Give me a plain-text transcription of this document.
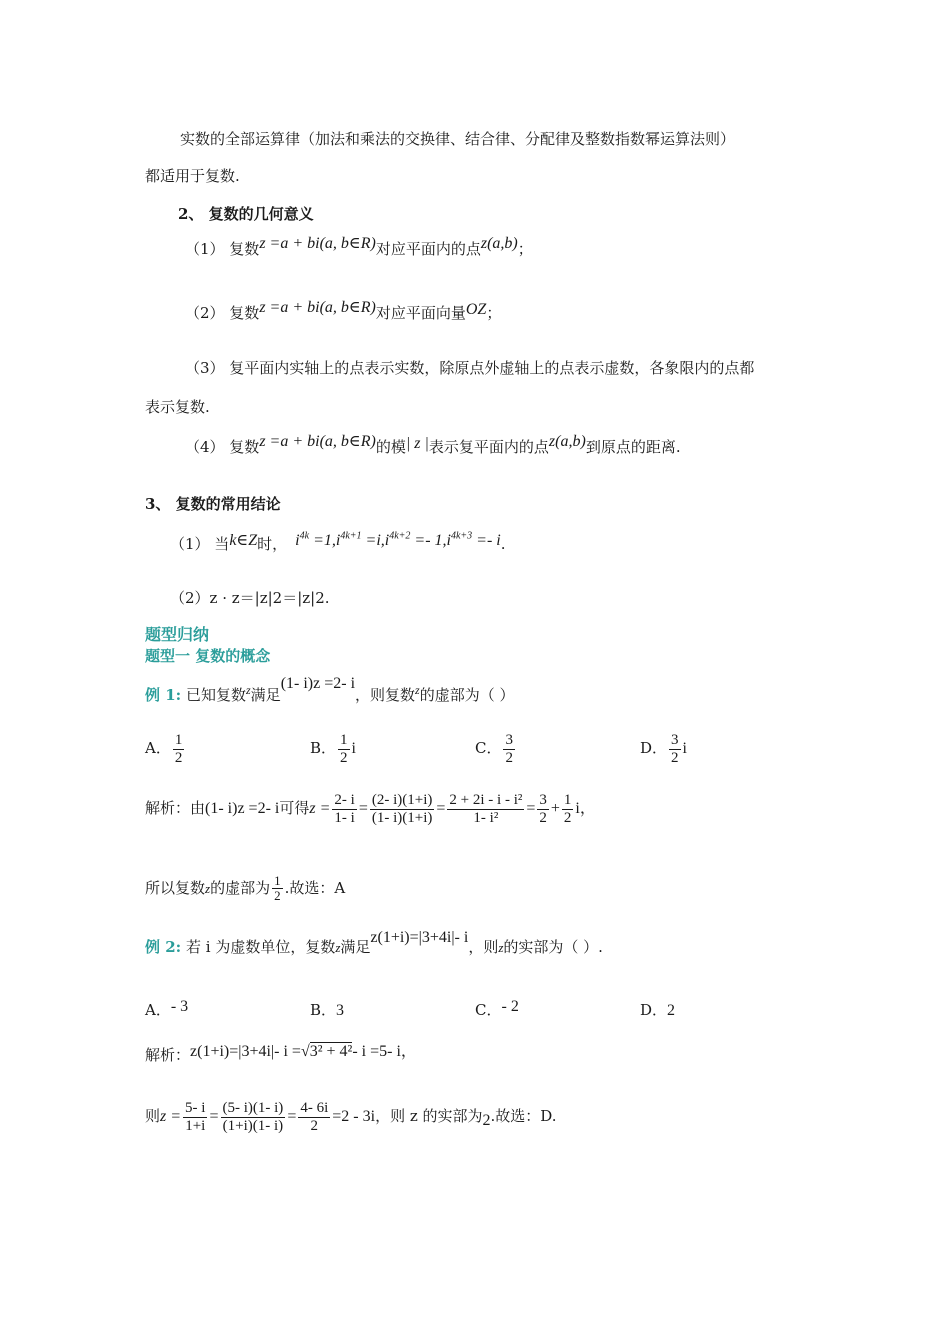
实数的全部运算律（加法和乘法的交换律、结合律、分配律及整数指数幂运算法则）
都适用于复数.
2、 复数的几何意义
（1） 复数z =a + bi(a, b∈R)对应平面内的点z(a,b)；
（2） 复数z =a + bi(a, b∈R)对应平面向量OZ；
（3） 复平面内实轴上的点表示实数，除原点外虚轴上的点表示虚数，各象限内的点都
表示复数.
（4） 复数z =a + bi(a, b∈R)的模| z |表示复平面内的点z(a,b)到原点的距离.
3、 复数的常用结论
（1） 当k∈Z时， $i^{4k} =1,i^{4k+1} =i,i^{4k+2} =- 1,i^{4k+3} =- i$.
（2）z · z＝|z|2＝|z|2.
题型归纳
题型一 复数的概念
例 1: 已知复数$^z$满足(1- i)z =2- i，则复数$^z$的虚部为（ ）
A． $\frac{1}{2}$	B． $\frac{1}{2}$ i	C． $\frac{3}{2}$	D． $\frac{3}{2}$ i
解析：由(1- i)z =2- i可得$z = \frac{2- i}{1- i} = \frac{(2- i)(1+i)}{(1- i)(1+i)} = \frac{\text{2 + 2i - i - i²}}{\text{1- i²}} = \frac{3}{2} + \frac{1}{2}$ i，
所以复数z的虚部为 $\frac{1}{2}$ .故选：A
例 2: 若 i 为虚数单位，复数z满足z(1+i)=|3+4i|- i，则z的实部为（ ）.
A．- 3	B．3	C．- 2	D．2
解析：z(1+i)=|3+4i|- i =√3² + 4²- i =5- i，
则$z = \frac{5- i}{1+i} = \frac{(5- i)(1- i)}{(1+i)(1- i)} = \frac{4- 6i}{2} =2 - 3i$，则 z 的实部为2.故选：D.
